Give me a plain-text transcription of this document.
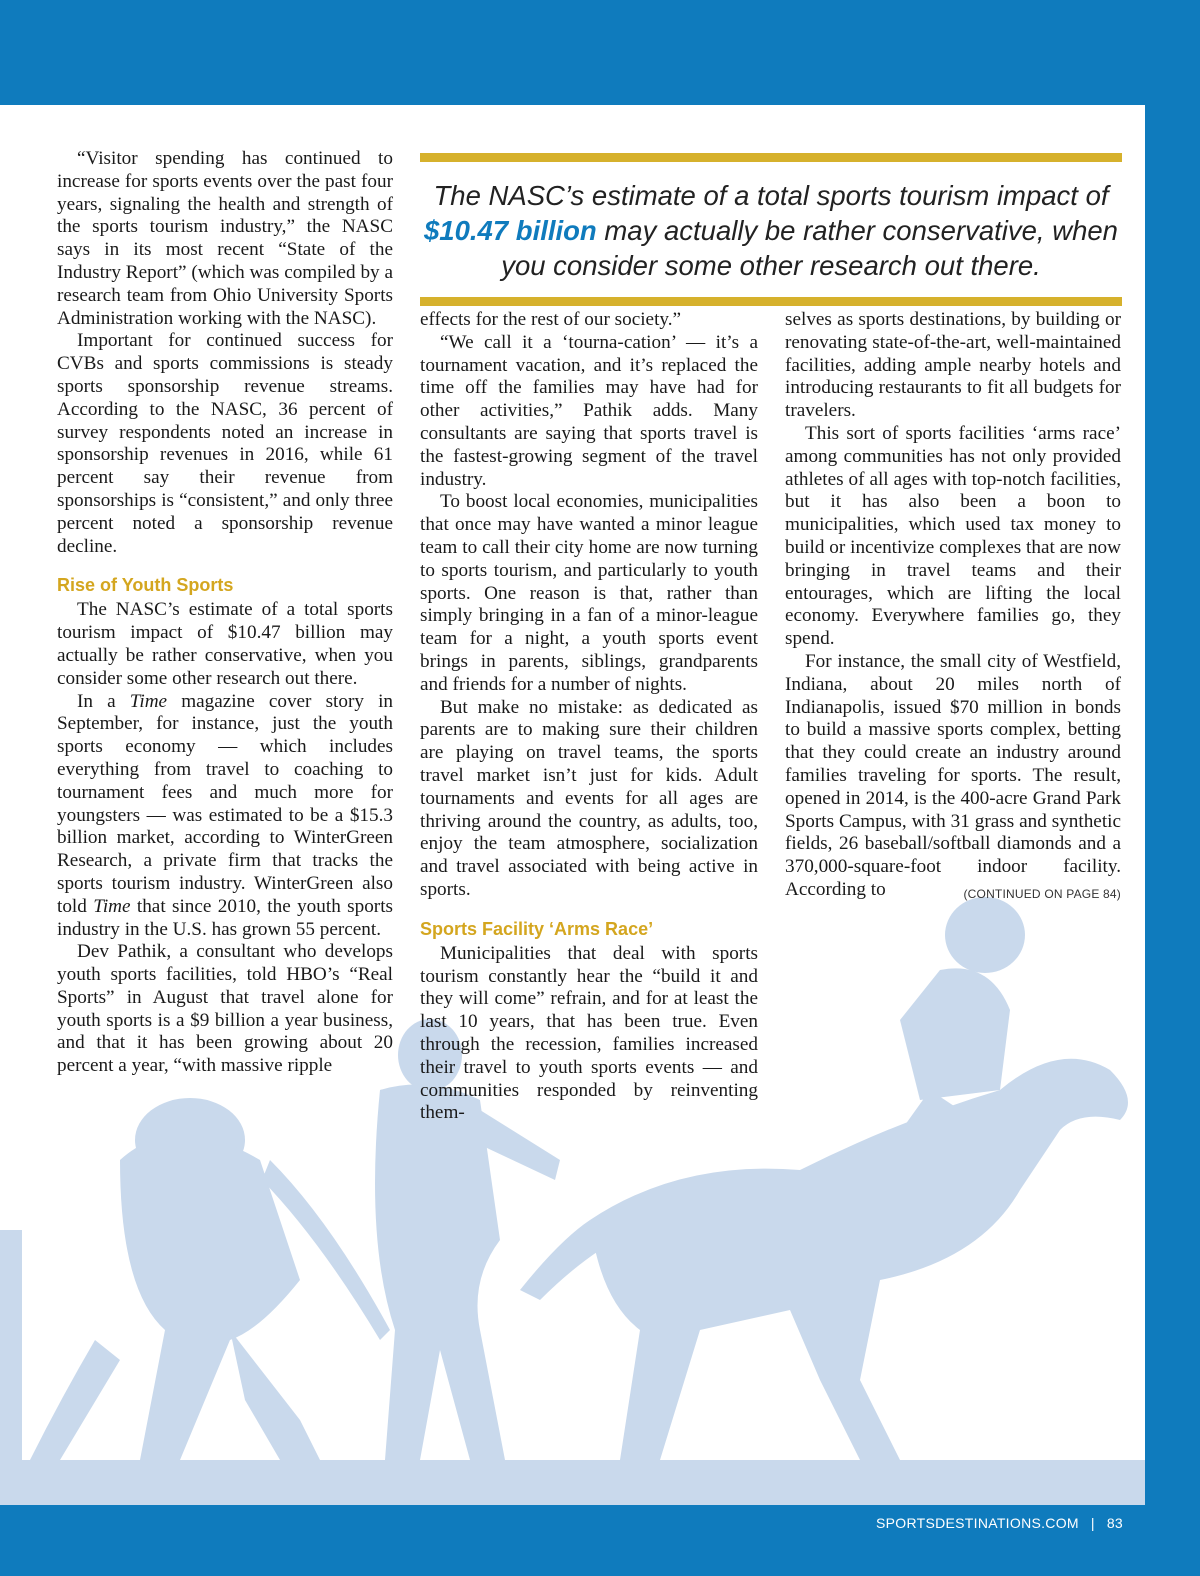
“Visitor spending has continued to increase for sports events over the past four years, signaling the health and strength of the sports tourism industry,” the NASC says in its most recent “State of the Industry Report” (which was compiled by a research team from Ohio University Sports Administration working with the NASC).

Important for continued success for CVBs and sports commissions is steady sports sponsorship revenue streams. According to the NASC, 36 percent of survey respondents noted an increase in sponsorship revenues in 2016, while 61 percent say their revenue from sponsorships is “consistent,” and only three percent noted a sponsorship revenue decline.

Rise of Youth Sports

The NASC’s estimate of a total sports tourism impact of $10.47 billion may actually be rather conservative, when you consider some other research out there.

In a Time magazine cover story in September, for instance, just the youth sports economy — which includes everything from travel to coaching to tournament fees and much more for youngsters — was estimated to be a $15.3 billion market, according to WinterGreen Research, a private firm that tracks the sports tourism industry. WinterGreen also told Time that since 2010, the youth sports industry in the U.S. has grown 55 percent.

Dev Pathik, a consultant who develops youth sports facilities, told HBO’s “Real Sports” in August that travel alone for youth sports is a $9 billion a year business, and that it has been growing about 20 percent a year, “with massive ripple

The NASC’s estimate of a total sports tourism impact of $10.47 billion may actually be rather conservative, when you consider some other research out there.

effects for the rest of our society.”

“We call it a ‘tourna-cation’ — it’s a tournament vacation, and it’s replaced the time off the families may have had for other activities,” Pathik adds. Many consultants are saying that sports travel is the fastest-growing segment of the travel industry.

To boost local economies, municipalities that once may have wanted a minor league team to call their city home are now turning to sports tourism, and particularly to youth sports. One reason is that, rather than simply bringing in a fan of a minor-league team for a night, a youth sports event brings in parents, siblings, grandparents and friends for a number of nights.

But make no mistake: as dedicated as parents are to making sure their children are playing on travel teams, the sports travel market isn’t just for kids. Adult tournaments and events for all ages are thriving around the country, as adults, too, enjoy the team atmosphere, socialization and travel associated with being active in sports.

Sports Facility ‘Arms Race’

Municipalities that deal with sports tourism constantly hear the “build it and they will come” refrain, and for at least the last 10 years, that has been true. Even through the recession, families increased their travel to youth sports events — and communities responded by reinventing them-

selves as sports destinations, by building or renovating state-of-the-art, well-maintained facilities, adding ample nearby hotels and introducing restaurants to fit all budgets for travelers.

This sort of sports facilities ‘arms race’ among communities has not only provided athletes of all ages with top-notch facilities, but it has also been a boon to municipalities, which used tax money to build or incentivize complexes that are now bringing in travel teams and their entourages, which are lifting the local economy. Everywhere families go, they spend.

For instance, the small city of Westfield, Indiana, about 20 miles north of Indianapolis, issued $70 million in bonds to build a massive sports complex, betting that they could create an industry around families traveling for sports. The result, opened in 2014, is the 400-acre Grand Park Sports Campus, with 31 grass and synthetic fields, 26 baseball/softball diamonds and a 370,000-square-foot indoor facility. According to	(CONTINUED ON PAGE 84)

SPORTSDESTINATIONS.COM | 83
